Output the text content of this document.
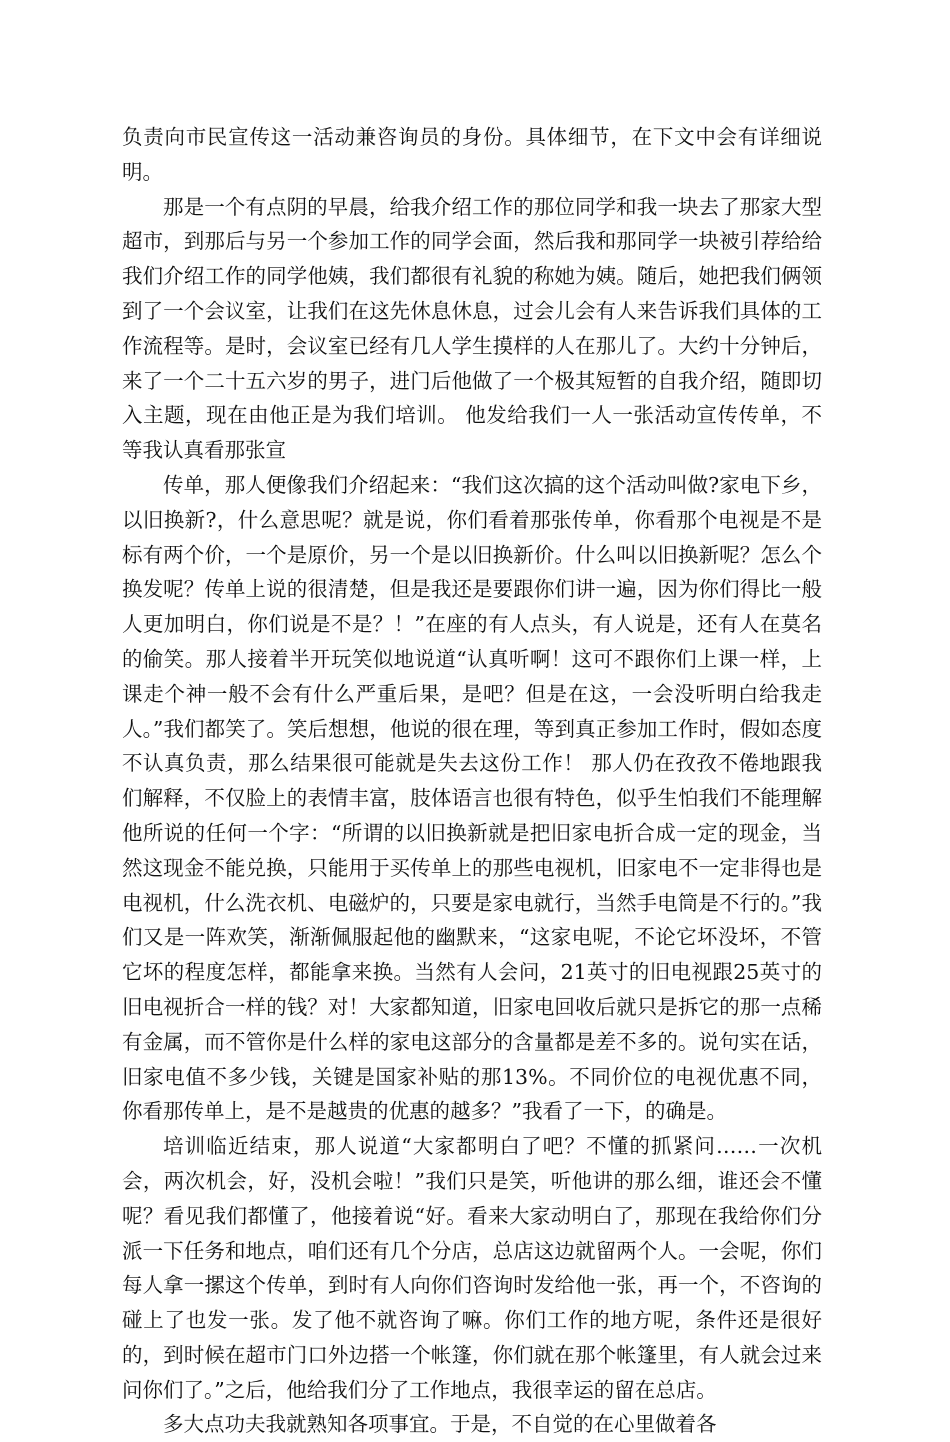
负责向市民宣传这一活动兼咨询员的身份。具体细节，在下文中会有详细说明。

那是一个有点阴的早晨，给我介绍工作的那位同学和我一块去了那家大型超市，到那后与另一个参加工作的同学会面，然后我和那同学一块被引荐给给我们介绍工作的同学他姨，我们都很有礼貌的称她为姨。随后，她把我们俩领到了一个会议室，让我们在这先休息休息，过会儿会有人来告诉我们具体的工作流程等。是时，会议室已经有几人学生摸样的人在那儿了。大约十分钟后，来了一个二十五六岁的男子，进门后他做了一个极其短暂的自我介绍，随即切入主题，现在由他正是为我们培训。 他发给我们一人一张活动宣传传单，不等我认真看那张宣

传单，那人便像我们介绍起来：“我们这次搞的这个活动叫做?家电下乡，以旧换新?，什么意思呢？就是说，你们看着那张传单，你看那个电视是不是标有两个价，一个是原价，另一个是以旧换新价。什么叫以旧换新呢？怎么个换发呢？传单上说的很清楚，但是我还是要跟你们讲一遍，因为你们得比一般人更加明白，你们说是不是？！”在座的有人点头，有人说是，还有人在莫名的偷笑。那人接着半开玩笑似地说道“认真听啊！这可不跟你们上课一样，上课走个神一般不会有什么严重后果，是吧？但是在这，一会没听明白给我走人。”我们都笑了。笑后想想，他说的很在理，等到真正参加工作时，假如态度不认真负责，那么结果很可能就是失去这份工作！ 那人仍在孜孜不倦地跟我们解释，不仅脸上的表情丰富，肢体语言也很有特色，似乎生怕我们不能理解他所说的任何一个字：“所谓的以旧换新就是把旧家电折合成一定的现金，当然这现金不能兑换，只能用于买传单上的那些电视机，旧家电不一定非得也是电视机，什么洗衣机、电磁炉的，只要是家电就行，当然手电筒是不行的。”我们又是一阵欢笑，渐渐佩服起他的幽默来，“这家电呢，不论它坏没坏，不管它坏的程度怎样，都能拿来换。当然有人会问，21英寸的旧电视跟25英寸的旧电视折合一样的钱？对！大家都知道，旧家电回收后就只是拆它的那一点稀有金属，而不管你是什么样的家电这部分的含量都是差不多的。说句实在话，旧家电值不多少钱，关键是国家补贴的那13%。不同价位的电视优惠不同，你看那传单上，是不是越贵的优惠的越多？”我看了一下，的确是。

培训临近结束，那人说道“大家都明白了吧？不懂的抓紧问……一次机会，两次机会，好，没机会啦！”我们只是笑，听他讲的那么细，谁还会不懂呢？看见我们都懂了，他接着说“好。看来大家动明白了，那现在我给你们分派一下任务和地点，咱们还有几个分店，总店这边就留两个人。一会呢，你们每人拿一摞这个传单，到时有人向你们咨询时发给他一张，再一个，不咨询的碰上了也发一张。发了他不就咨询了嘛。你们工作的地方呢，条件还是很好的，到时候在超市门口外边搭一个帐篷，你们就在那个帐篷里，有人就会过来问你们了。”之后，他给我们分了工作地点，我很幸运的留在总店。

多大点功夫我就熟知各项事宜。于是，不自觉的在心里做着各
